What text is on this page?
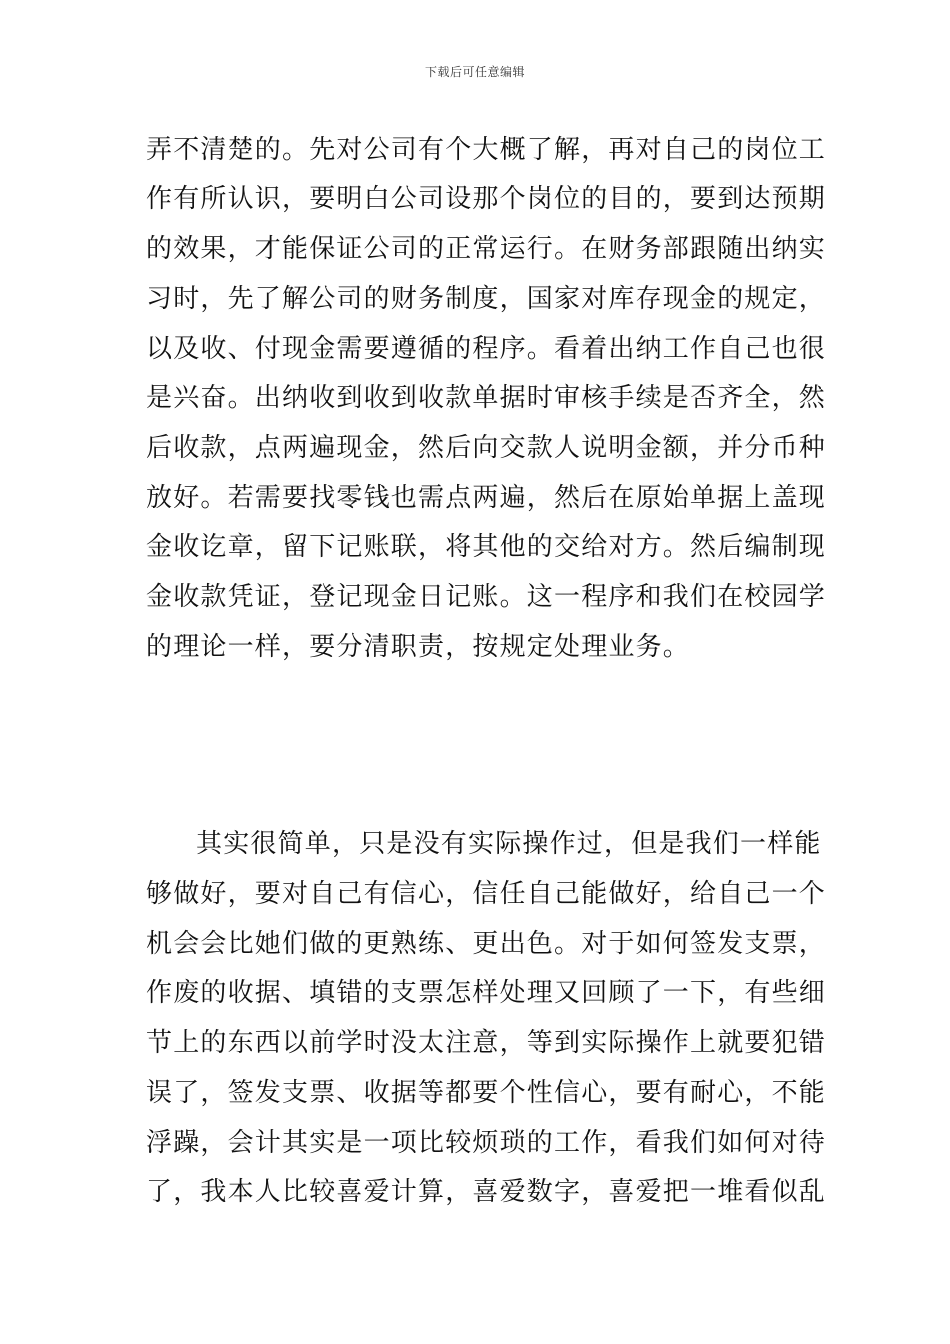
下载后可任意编辑
弄不清楚的。先对公司有个大概了解，再对自己的岗位工
作有所认识，要明白公司设那个岗位的目的，要到达预期
的效果，才能保证公司的正常运行。在财务部跟随出纳实
习时，先了解公司的财务制度，国家对库存现金的规定，
以及收、付现金需要遵循的程序。看着出纳工作自己也很
是兴奋。出纳收到收到收款单据时审核手续是否齐全，然
后收款，点两遍现金，然后向交款人说明金额，并分币种
放好。若需要找零钱也需点两遍，然后在原始单据上盖现
金收讫章，留下记账联，将其他的交给对方。然后编制现
金收款凭证，登记现金日记账。这一程序和我们在校园学
的理论一样，要分清职责，按规定处理业务。
其实很简单，只是没有实际操作过，但是我们一样能
够做好，要对自己有信心，信任自己能做好，给自己一个
机会会比她们做的更熟练、更出色。对于如何签发支票，
作废的收据、填错的支票怎样处理又回顾了一下，有些细
节上的东西以前学时没太注意，等到实际操作上就要犯错
误了，签发支票、收据等都要个性信心，要有耐心，不能
浮躁，会计其实是一项比较烦琐的工作，看我们如何对待
了，我本人比较喜爱计算，喜爱数字，喜爱把一堆看似乱
